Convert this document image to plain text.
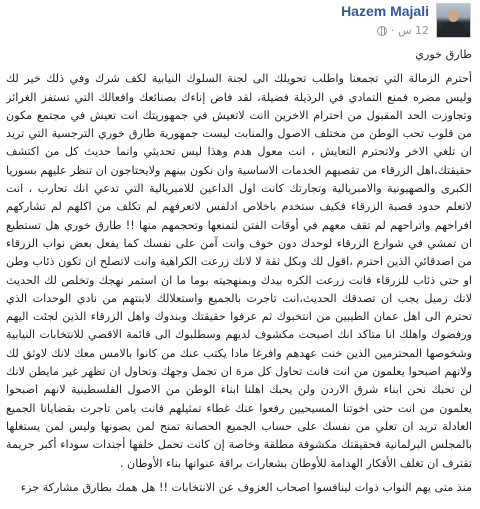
Hazem Majali
12 س
·

طارق خوري

أحترم الزمالة التي تجمعنا واطلب تحويلك الى لجنة السلوك النيابية لكف شرك وفي ذلك خير لك وليس مضره فمنع التمادي في الرذيلة فضيلة، لقد فاض إناءك بصنائعك وافعالك التي تستفز الغرائز وتجاوزت الحد المقبول من احترام الاخرين اانت لاتعيش في جمهوريتك انت تعيش في مجتمع مكون من قلوب تحب الوطن من مختلف الاصول والمنابت ليست جمهورية طارق خوري الترجسية التي تريد ان تلغي الاخر ولاتحترم التعايش ، انت معول هدم وهذا ليس تحديثي وانما حديث كل من اكتشف حقيقتك،اهل الزرقاء من تقصيهم الخدمات الاساسية وان نكون بينهم ولايحتاجون ان تنظر عليهم بسوريا الكبرى والصهيونية والامبريالية وتجارتك كانت اول الداعين للامبريالية التي تدعي انك تحارب ، انت لاتعلم حدود قصبة الزرقاء فكيف ستخدم باخلاص ادلفس لاتعرفهم لم تكلف من اكلهم لم تشاركهم افراحهم واتراحهم لم تقف معهم في أوقات الفتن لتمنعها وتحجمهم منها !! طارق خوري هل تستطيع ان تمشي في شوارع الزرقاء لوحدك دون خوف وانت آمن على نفسك كما يفعل بعض نواب الزرقاء من اصدقائي الذين احترم ،اقول لك وبكل ثقة لا لانك زرعت الكراهية وانت لاتصلح ان تكون ذئاب وطن او حتى ذئاب للزرقاء فانت زرعت الكره بيدك وبمنهجيته بوما ما ان استمر نهجك وتخلص لك الحديث لانك زميل يجب ان تصدقك الحديث،انت تاجرت بالجميع واستعلالك لابنتهم من نادي الوحدات الذي تحترم الى اهل عمان الطيبين من انتخبوك ثم عرفوا حقيقتك وبندوك واهل الزرقاء الذين لجئت اليهم ورفضوك واهلك انا متاكد انك اصبحت مكشوف لديهم وسطلبوك الى قائمة الاقصي للانتخابات النيابية وشخوصها المحترمين الذين خنت عهدهم وافرغا مادا يكتب عنك من كانوا بالامس معك لانك لاوثق لك ولانهم اصبحوا يعلمون من انت فانت تحاول كل مرة ان تجمل وجهك وتحاول ان تظهر غير مايطن لانك لن تحبك نحن ابناء شرق الاردن ولن يحبك اهلنا ابناء الوطن من الاصول الفلسطينية لانهم اصبحوا يعلمون من انت حتى اخوتنا المسيحيين رفعوا عنك غطاء تمثيلهم فانت يامن تاجرت بقضايانا الجميع العادلة تريد ان تعلي من نفسك على حساب الجميع الحصانة تمنح لمن يصونها وليس لمن يستغلها بالمجلس البرلمانية فحقيقتك مكشوفة مطلقة وخاصة إن كانت تحمل خلفها أجندات سوداء أكبر جريمة تقترف ان تغلف الأفكار الهدامة للأوطان بشعارات براقة عنوانها بناء الأوطان .

منذ متى يهم النواب ذوات لينافسوا اصحاب العزوف عن الانتخابات !! هل همك بطارق مشاركة جزء
